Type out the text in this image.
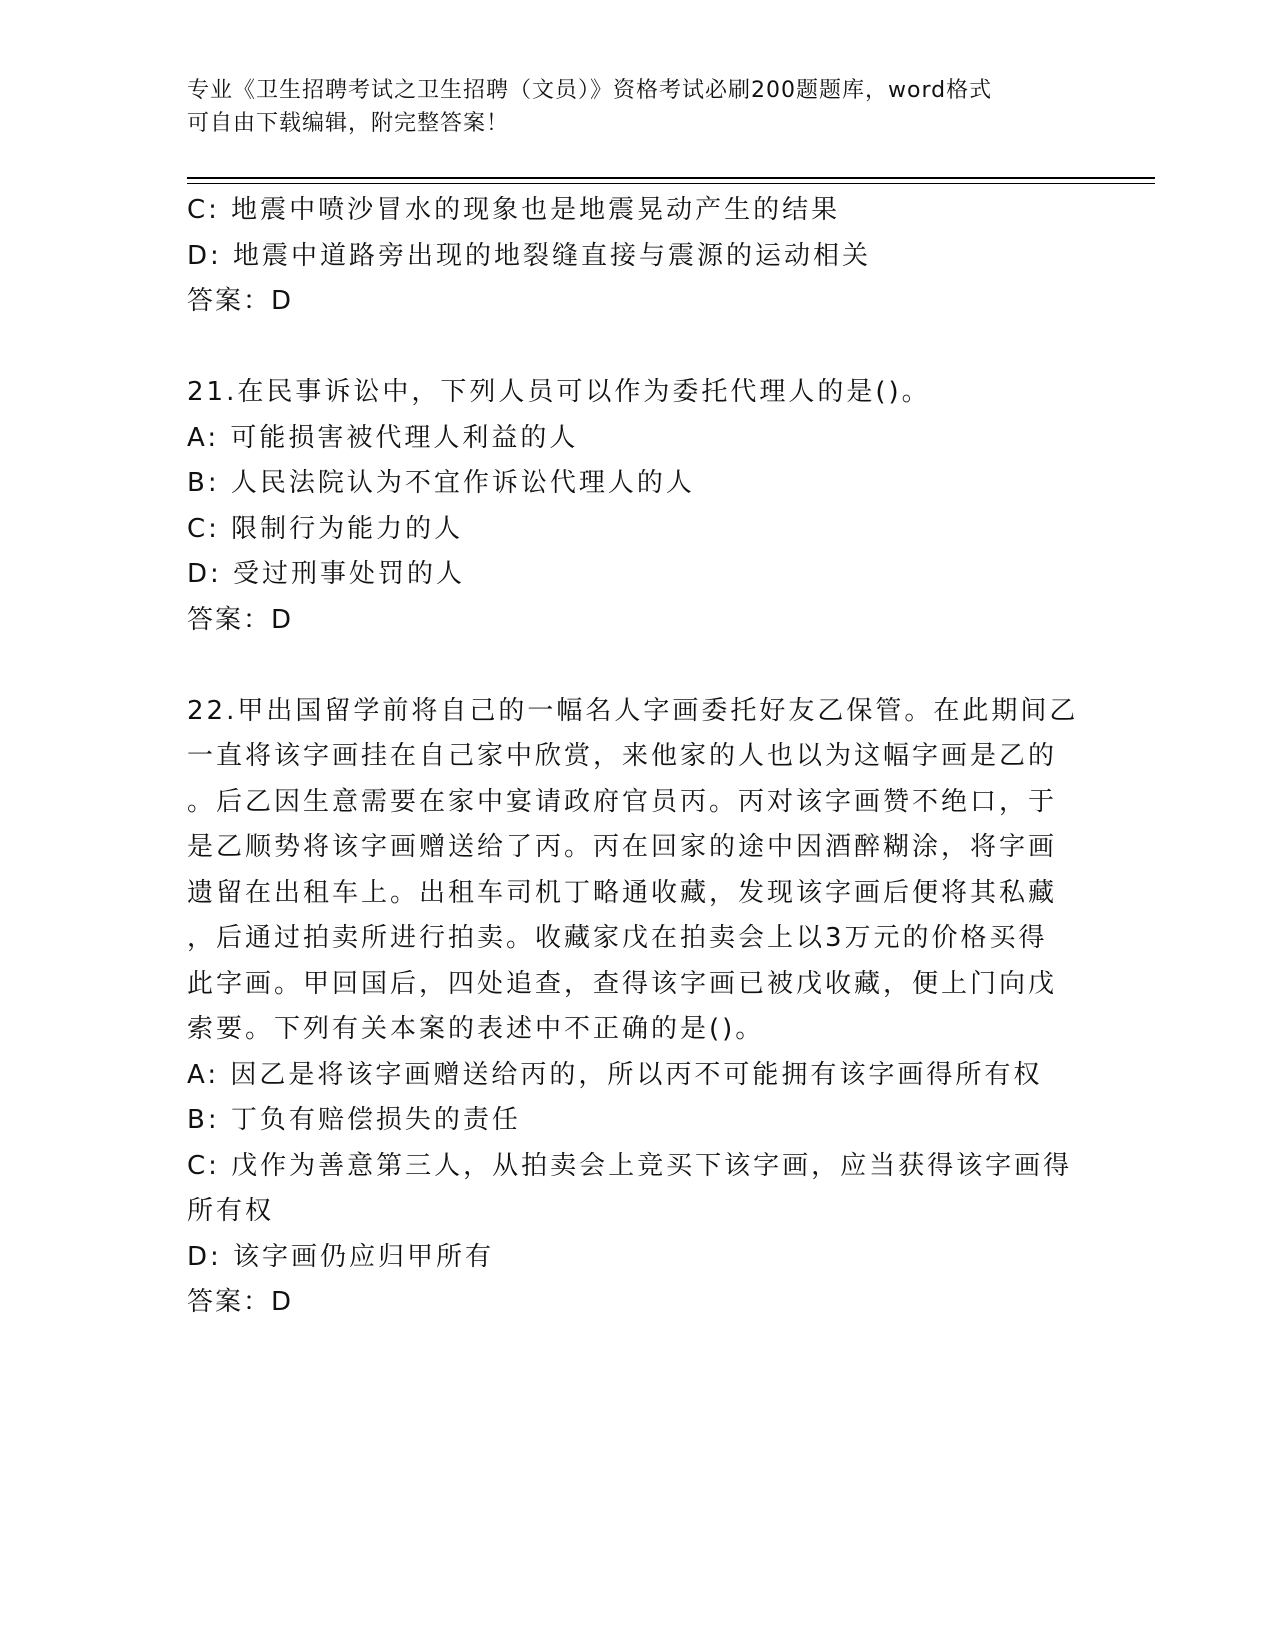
专业《卫生招聘考试之卫生招聘（文员）》资格考试必刷200题题库，word格式
可自由下载编辑，附完整答案！
C: 地震中喷沙冒水的现象也是地震晃动产生的结果
D: 地震中道路旁出现的地裂缝直接与震源的运动相关
答案：D
21.在民事诉讼中，下列人员可以作为委托代理人的是()。
A: 可能损害被代理人利益的人
B: 人民法院认为不宜作诉讼代理人的人
C: 限制行为能力的人
D: 受过刑事处罚的人
答案：D
22.甲出国留学前将自己的一幅名人字画委托好友乙保管。在此期间乙
一直将该字画挂在自己家中欣赏，来他家的人也以为这幅字画是乙的
。后乙因生意需要在家中宴请政府官员丙。丙对该字画赞不绝口，于
是乙顺势将该字画赠送给了丙。丙在回家的途中因酒醉糊涂，将字画
遗留在出租车上。出租车司机丁略通收藏，发现该字画后便将其私藏
，后通过拍卖所进行拍卖。收藏家戊在拍卖会上以3万元的价格买得
此字画。甲回国后，四处追查，查得该字画已被戊收藏，便上门向戊
索要。下列有关本案的表述中不正确的是()。
A: 因乙是将该字画赠送给丙的，所以丙不可能拥有该字画得所有权
B: 丁负有赔偿损失的责任
C: 戊作为善意第三人，从拍卖会上竞买下该字画，应当获得该字画得
所有权
D: 该字画仍应归甲所有
答案：D
